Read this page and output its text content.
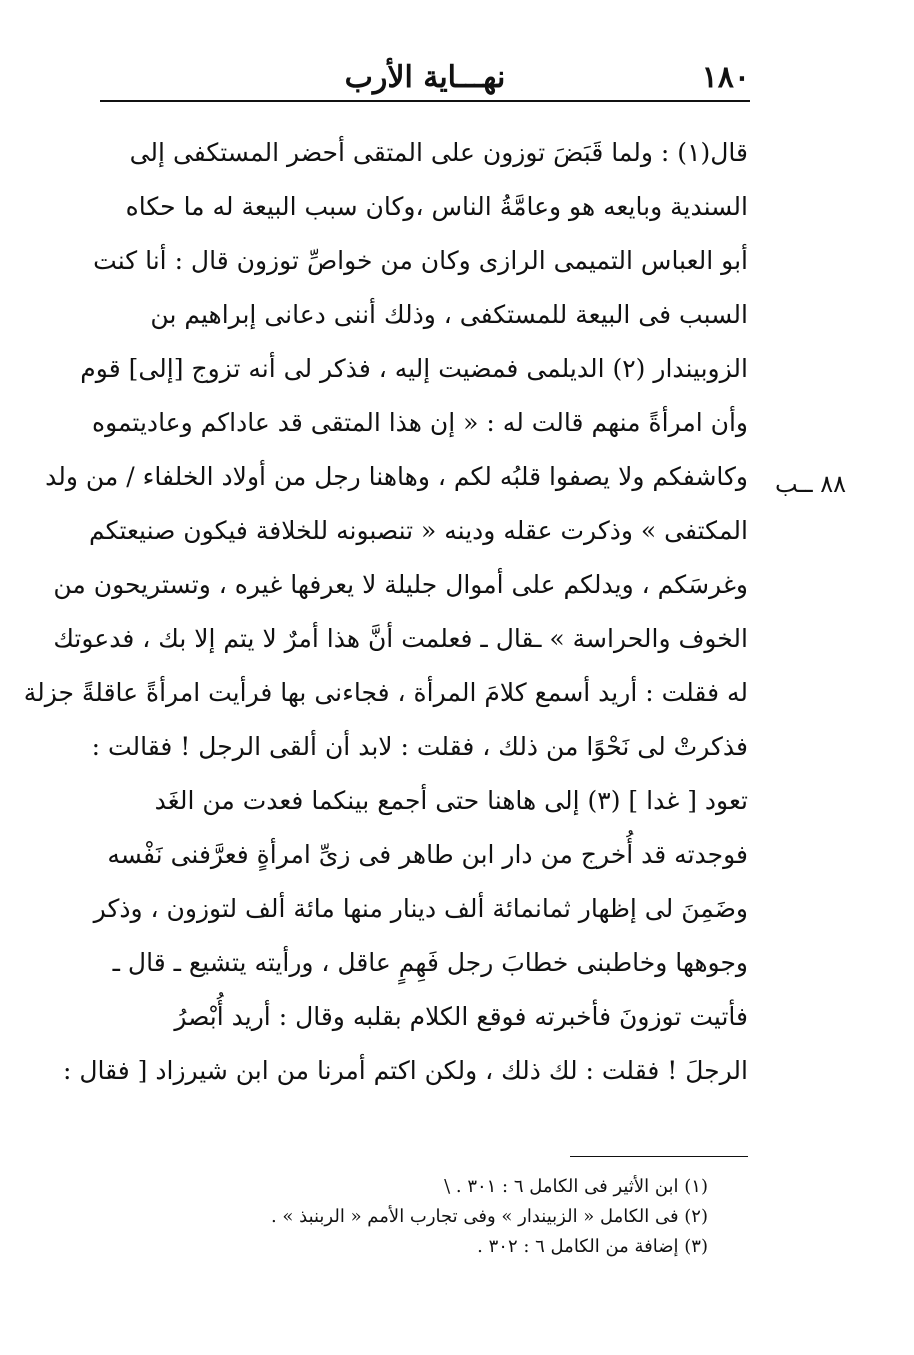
١٨٠
نهـــاية الأرب
٨٨ ــب
قال(١) : ولما قَبَضَ توزون على المتقى أحضر المستكفى إلى
السندية وبايعه هو وعامَّةُ الناس ،وكان سبب البيعة له ما حكاه
أبو العباس التميمى الرازى وكان من خواصِّ توزون قال : أنا كنت
السبب فى البيعة للمستكفى ، وذلك أننى دعانى إبراهيم بن
الزوبيندار (٢) الديلمى فمضيت إليه ، فذكر لى أنه تزوج [إلى] قوم
وأن امرأةً منهم قالت له : « إن هذا المتقى قد عاداكم وعاديتموه
وكاشفكم ولا يصفوا قلبُه لكم ، وهاهنا رجل من أولاد الخلفاء / من ولد
المكتفى » وذكرت عقله ودينه « تنصبونه للخلافة فيكون صنيعتكم
وغرسَكم ، ويدلكم على أموال جليلة لا يعرفها غيره ، وتستريحون من
الخوف والحراسة » ـقال ـ فعلمت أنَّ هذا أمرٌ لا يتم إلا بك ، فدعوتك
له فقلت : أريد أسمع كلامَ المرأة ، فجاءنى بها فرأيت امرأةً عاقلةً جزلة
فذكرتْ لى نَحْوًا من ذلك ، فقلت : لابد أن ألقى الرجل ! فقالت :
تعود [ غدا ] (٣) إلى هاهنا حتى أجمع بينكما فعدت من الغَد
فوجدته قد أُخرج من دار ابن طاهر فى زىِّ امرأةٍ فعرَّفنى نَفْسه
وضَمِنَ لى إظهار ثمانمائة ألف دينار منها مائة ألف لتوزون ، وذكر
وجوهها وخاطبنى خطابَ رجل فَهِمٍ عاقل ، ورأيته يتشيع ـ قال ـ
فأتيت توزونَ فأخبرته فوقع الكلام بقلبه وقال : أريد أُبْصرُ
الرجلَ ! فقلت : لك ذلك ، ولكن اكتم أمرنا من ابن شيرزاد [ فقال :
(١) ابن الأثير فى الكامل ٦ : ٣٠١ . \
(٢) فى الكامل « الزبيندار » وفى تجارب الأمم « الربنبذ » .
(٣) إضافة من الكامل ٦ : ٣٠٢ .
